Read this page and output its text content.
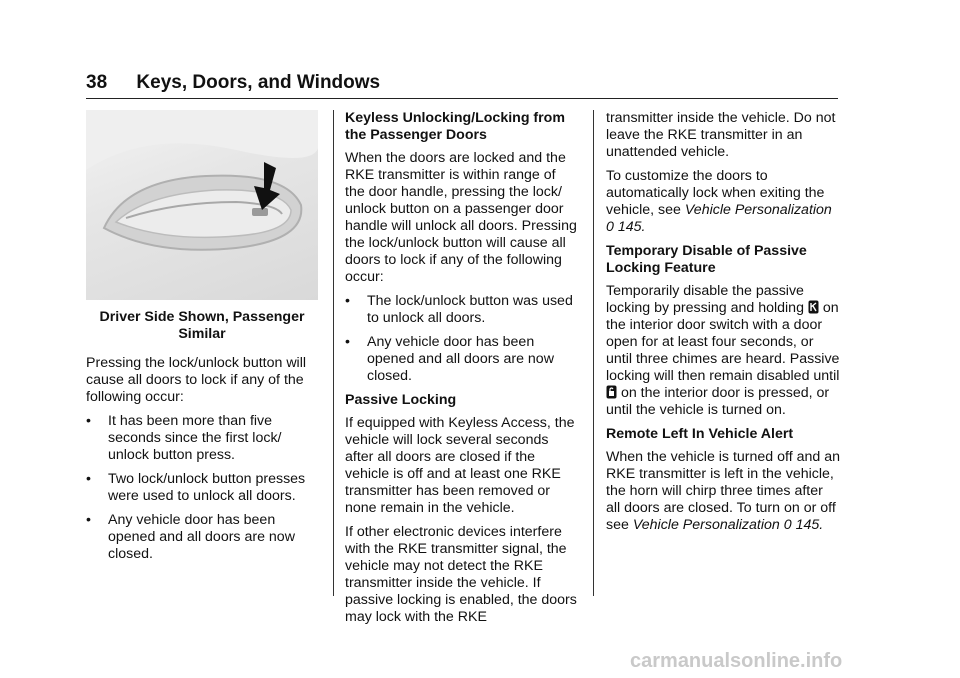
38 Keys, Doors, and Windows
Driver Side Shown, Passenger Similar

Pressing the lock/unlock button will cause all doors to lock if any of the following occur:

•	It has been more than five seconds since the first lock/ unlock button press.
•	Two lock/unlock button presses were used to unlock all doors.
•	Any vehicle door has been opened and all doors are now closed.

Keyless Unlocking/Locking from the Passenger Doors

When the doors are locked and the RKE transmitter is within range of the door handle, pressing the lock/ unlock button on a passenger door handle will unlock all doors. Pressing the lock/unlock button will cause all doors to lock if any of the following occur:

•	The lock/unlock button was used to unlock all doors.
•	Any vehicle door has been opened and all doors are now closed.

Passive Locking

If equipped with Keyless Access, the vehicle will lock several seconds after all doors are closed if the vehicle is off and at least one RKE transmitter has been removed or none remain in the vehicle.

If other electronic devices interfere with the RKE transmitter signal, the vehicle may not detect the RKE transmitter inside the vehicle. If passive locking is enabled, the doors may lock with the RKE

transmitter inside the vehicle. Do not leave the RKE transmitter in an unattended vehicle.

To customize the doors to automatically lock when exiting the vehicle, see Vehicle Personalization 0 145.

Temporary Disable of Passive Locking Feature

Temporarily disable the passive locking by pressing and holding  on the interior door switch with a door open for at least four seconds, or until three chimes are heard. Passive locking will then remain disabled until  on the interior door is pressed, or until the vehicle is turned on.

Remote Left In Vehicle Alert

When the vehicle is turned off and an RKE transmitter is left in the vehicle, the horn will chirp three times after all doors are closed. To turn on or off see Vehicle Personalization 0 145.

carmanualsonline.info
